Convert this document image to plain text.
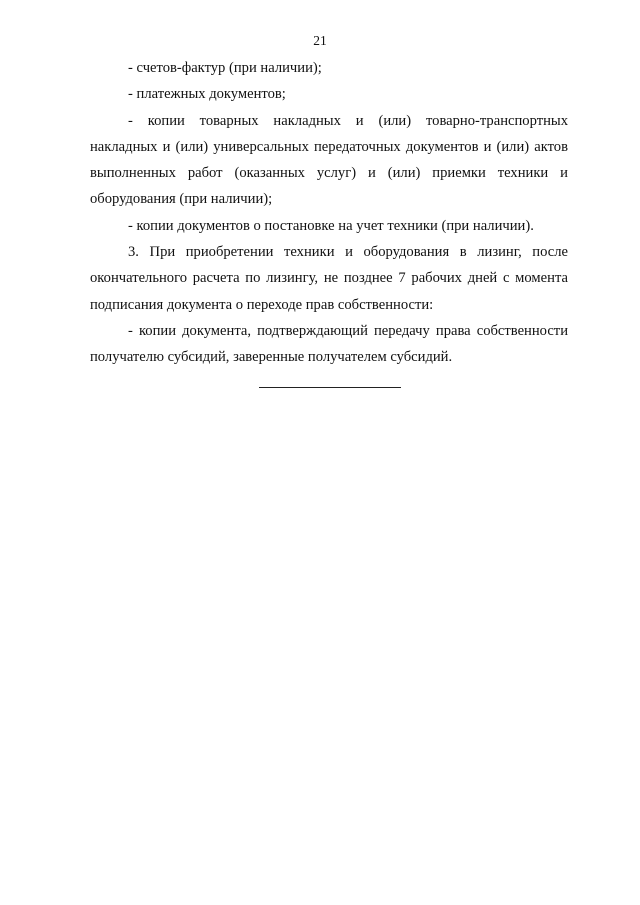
21

- счетов-фактур (при наличии);

- платежных документов;

- копии товарных накладных и (или) товарно-транспортных накладных и (или) универсальных передаточных документов и (или) актов выполненных работ (оказанных услуг) и (или) приемки техники и оборудования (при наличии);

- копии документов о постановке на учет техники (при наличии).

3. При приобретении техники и оборудования в лизинг, после окончательного расчета по лизингу, не позднее 7 рабочих дней с момента подписания документа о переходе прав собственности:

- копии документа, подтверждающий передачу права собственности получателю субсидий, заверенные получателем субсидий.
